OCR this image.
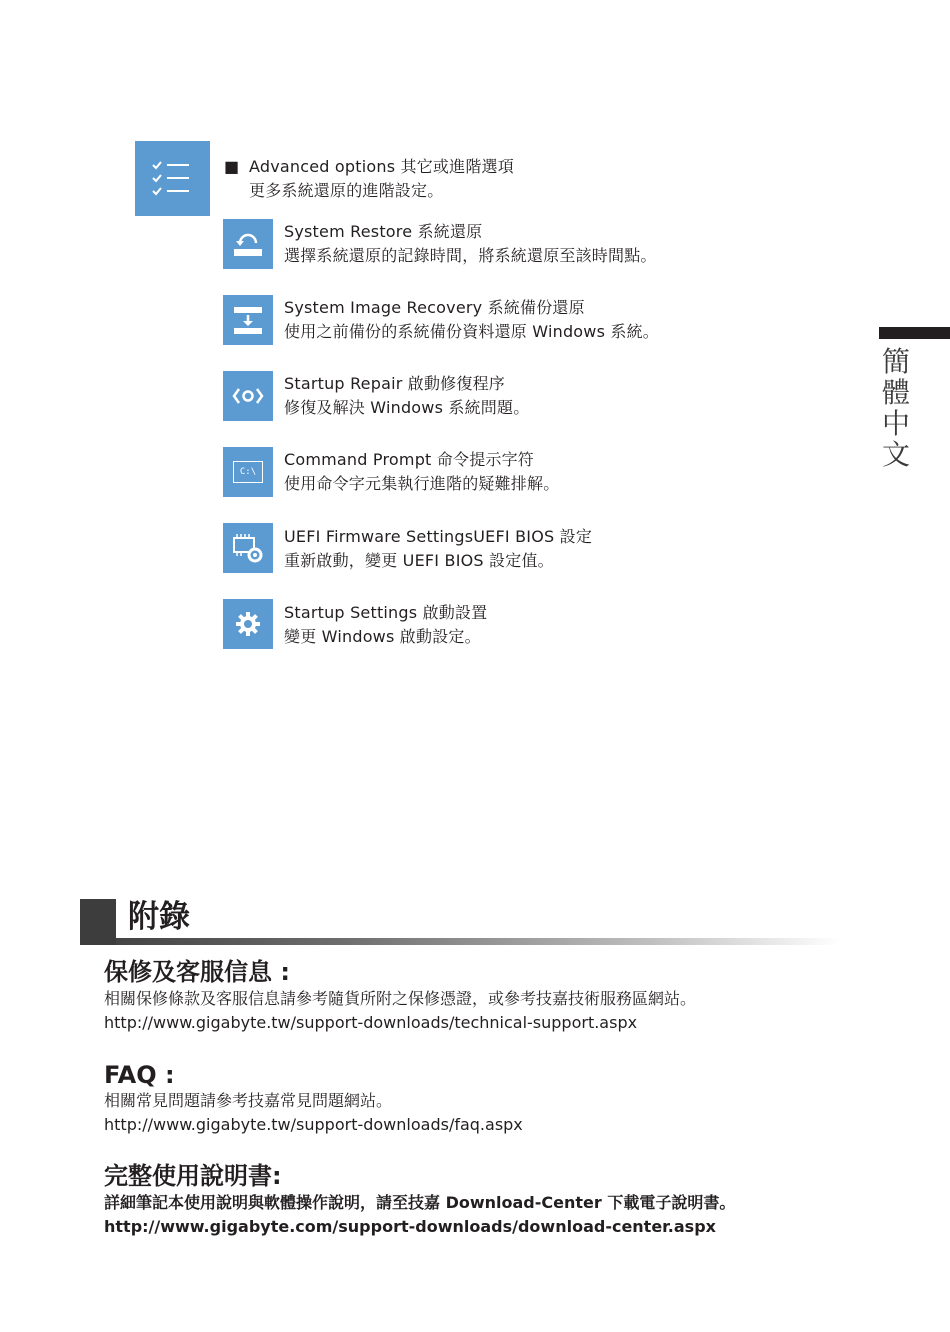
簡體中文
■ Advanced options 其它或進階選項
更多系統還原的進階設定。
System Restore 系統還原
選擇系統還原的記錄時間，將系統還原至該時間點。
System Image Recovery 系統備份還原
使用之前備份的系統備份資料還原 Windows 系統。
Startup Repair 啟動修復程序
修復及解決 Windows 系統問題。
C:\
Command Prompt 命令提示字符
使用命令字元集執行進階的疑難排解。
UEFI Firmware SettingsUEFI BIOS 設定
重新啟動，變更 UEFI BIOS 設定值。
Startup Settings 啟動設置
變更 Windows 啟動設定。
附錄
保修及客服信息 :
相關保修條款及客服信息請參考隨貨所附之保修憑證，或參考技嘉技術服務區網站。
http://www.gigabyte.tw/support-downloads/technical-support.aspx
FAQ :
相關常見問題請參考技嘉常見問題網站。
http://www.gigabyte.tw/support-downloads/faq.aspx
完整使用說明書:
詳細筆記本使用說明與軟體操作說明，請至技嘉 Download-Center 下載電子說明書。
http://www.gigabyte.com/support-downloads/download-center.aspx
